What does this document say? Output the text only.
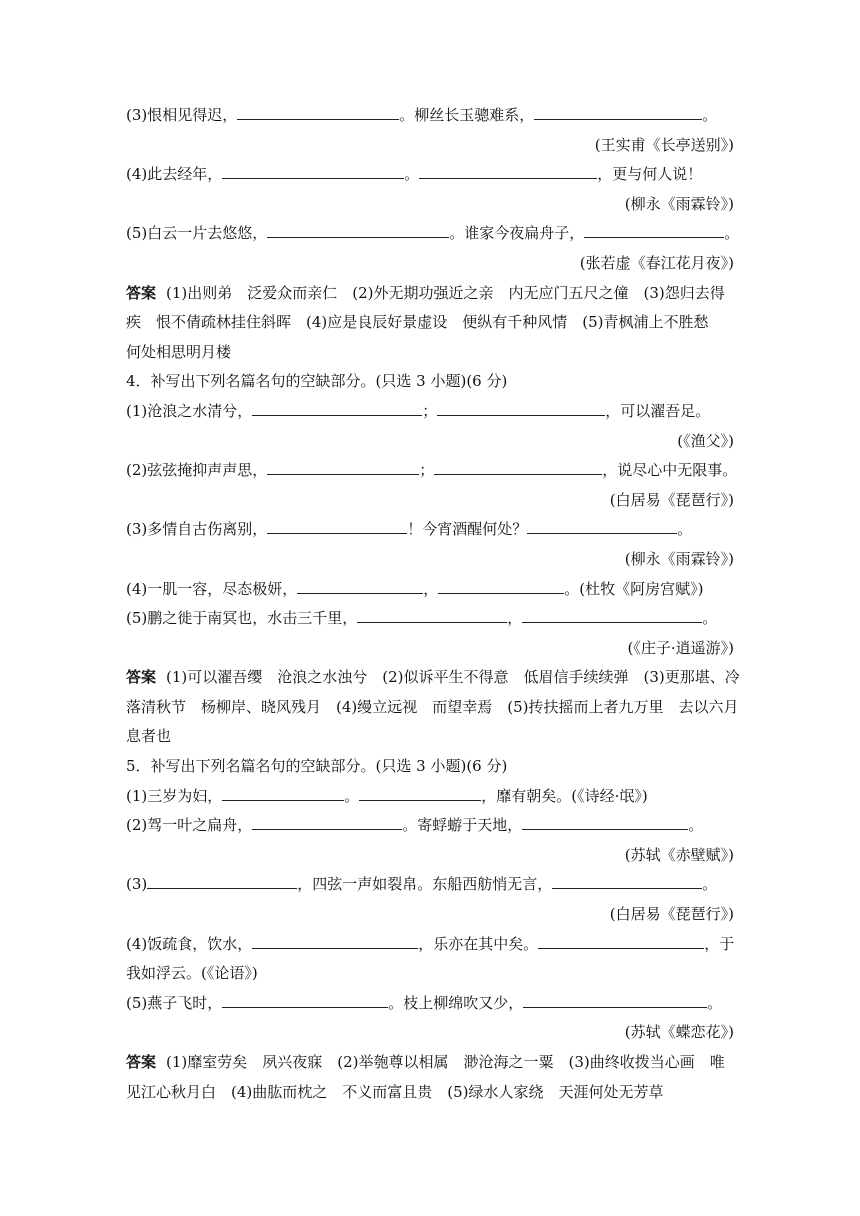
(3)恨相见得迟，	。柳丝长玉骢难系，	。
(王实甫《长亭送别》)
(4)此去经年，	。	，更与何人说！
(柳永《雨霖铃》)
(5)白云一片去悠悠，	。谁家今夜扁舟子，	。
(张若虚《春江花月夜》)
答案 (1)出则弟　泛爱众而亲仁　(2)外无期功强近之亲　内无应门五尺之僮　(3)怨归去得
疾　恨不倩疏林挂住斜晖　(4)应是良辰好景虚设　便纵有千种风情　(5)青枫浦上不胜愁
何处相思明月楼
4．补写出下列名篇名句的空缺部分。(只选 3 小题)(6 分)
(1)沧浪之水清兮，	；	，可以濯吾足。
(《渔父》)
(2)弦弦掩抑声声思，	；	，说尽心中无限事。
(白居易《琵琶行》)
(3)多情自古伤离别，	！今宵酒醒何处？	。
(柳永《雨霖铃》)
(4)一肌一容，尽态极妍，	，	。(杜牧《阿房宫赋》)
(5)鹏之徙于南冥也，水击三千里，	，	。
(《庄子·逍遥游》)
答案 (1)可以濯吾缨　沧浪之水浊兮　(2)似诉平生不得意　低眉信手续续弹　(3)更那堪、冷
落清秋节　杨柳岸、晓风残月　(4)缦立远视　而望幸焉　(5)抟扶摇而上者九万里　去以六月
息者也
5．补写出下列名篇名句的空缺部分。(只选 3 小题)(6 分)
(1)三岁为妇，	。	，靡有朝矣。(《诗经·氓》)
(2)驾一叶之扁舟，	。寄蜉蝣于天地，	。
(苏轼《赤壁赋》)
(3)	，四弦一声如裂帛。东船西舫悄无言，	。
(白居易《琵琶行》)
(4)饭疏食，饮水，	，乐亦在其中矣。	，于
我如浮云。(《论语》)
(5)燕子飞时，	。枝上柳绵吹又少，	。
(苏轼《蝶恋花》)
答案 (1)靡室劳矣　夙兴夜寐　(2)举匏尊以相属　渺沧海之一粟　(3)曲终收拨当心画　唯
见江心秋月白　(4)曲肱而枕之　不义而富且贵　(5)绿水人家绕　天涯何处无芳草
